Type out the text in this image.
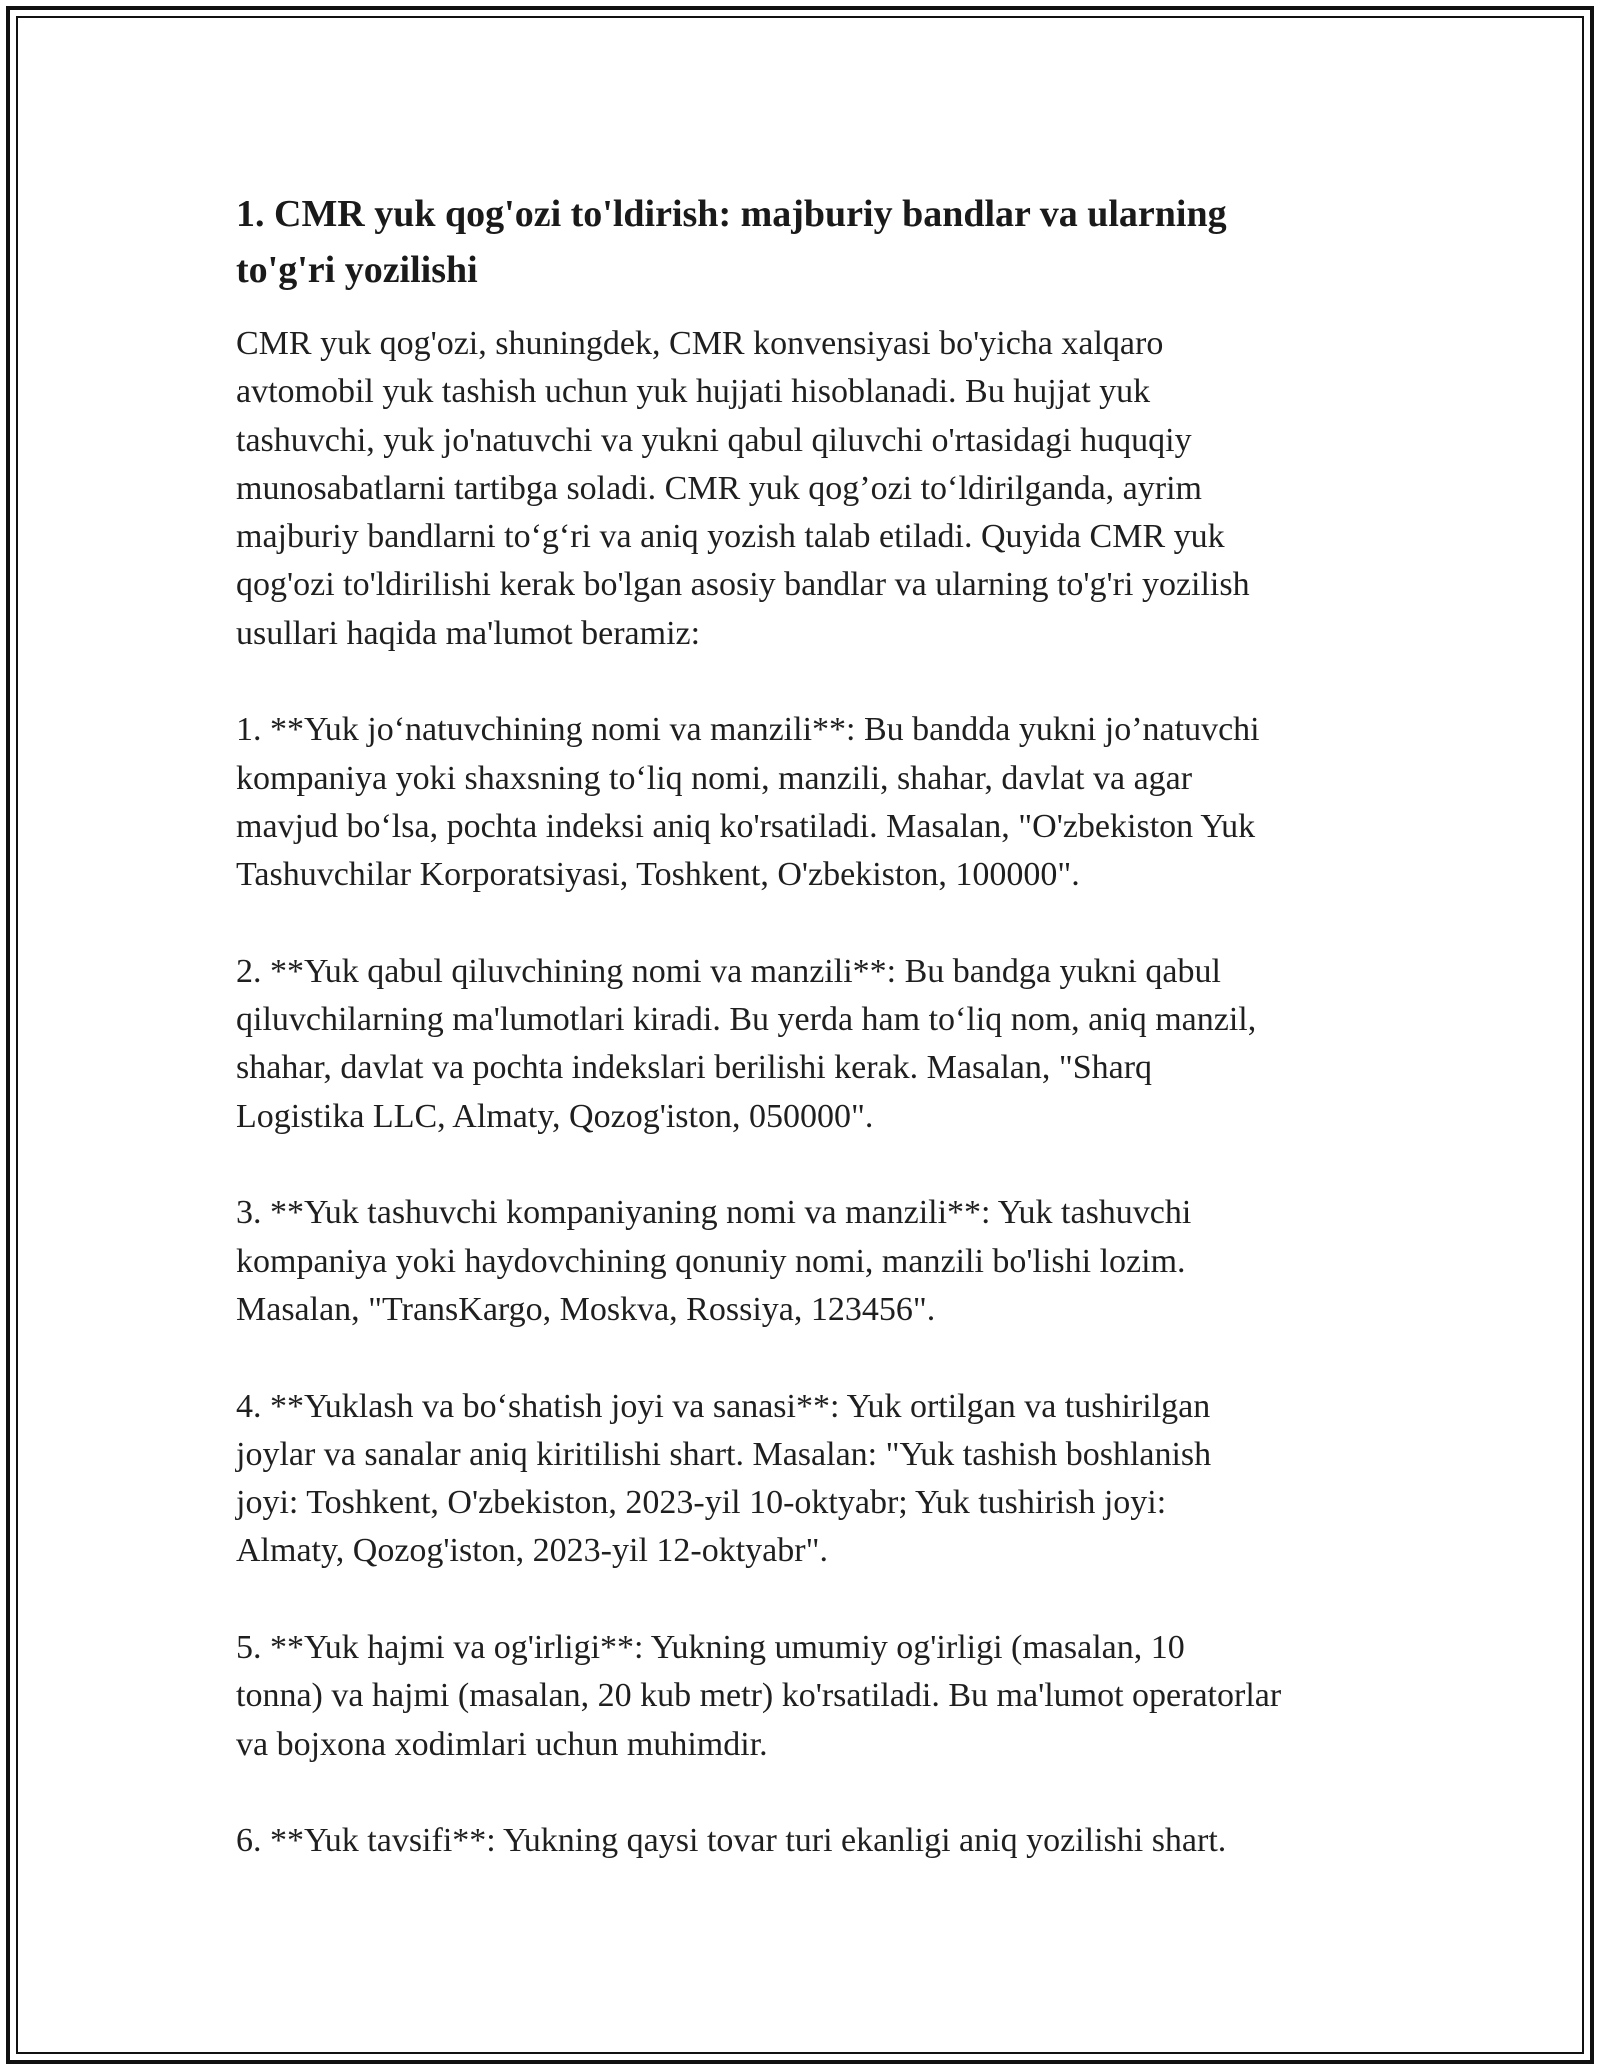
1. CMR yuk qog'ozi to'ldirish: majburiy bandlar va ularning
to'g'ri yozilishi

CMR yuk qog'ozi, shuningdek, CMR konvensiyasi bo'yicha xalqaro
avtomobil yuk tashish uchun yuk hujjati hisoblanadi. Bu hujjat yuk
tashuvchi, yuk jo'natuvchi va yukni qabul qiluvchi o'rtasidagi huquqiy
munosabatlarni tartibga soladi. CMR yuk qog’ozi to‘ldirilganda, ayrim
majburiy bandlarni to‘g‘ri va aniq yozish talab etiladi. Quyida CMR yuk
qog'ozi to'ldirilishi kerak bo'lgan asosiy bandlar va ularning to'g'ri yozilish
usullari haqida ma'lumot beramiz:

1. **Yuk jo‘natuvchining nomi va manzili**: Bu bandda yukni jo’natuvchi
kompaniya yoki shaxsning to‘liq nomi, manzili, shahar, davlat va agar
mavjud bo‘lsa, pochta indeksi aniq ko'rsatiladi. Masalan, "O'zbekiston Yuk
Tashuvchilar Korporatsiyasi, Toshkent, O'zbekiston, 100000".

2. **Yuk qabul qiluvchining nomi va manzili**: Bu bandga yukni qabul
qiluvchilarning ma'lumotlari kiradi. Bu yerda ham to‘liq nom, aniq manzil,
shahar, davlat va pochta indekslari berilishi kerak. Masalan, "Sharq
Logistika LLC, Almaty, Qozog'iston, 050000".

3. **Yuk tashuvchi kompaniyaning nomi va manzili**: Yuk tashuvchi
kompaniya yoki haydovchining qonuniy nomi, manzili bo'lishi lozim.
Masalan, "TransKargo, Moskva, Rossiya, 123456".

4. **Yuklash va bo‘shatish joyi va sanasi**: Yuk ortilgan va tushirilgan
joylar va sanalar aniq kiritilishi shart. Masalan: "Yuk tashish boshlanish
joyi: Toshkent, O'zbekiston, 2023-yil 10-oktyabr; Yuk tushirish joyi:
Almaty, Qozog'iston, 2023-yil 12-oktyabr".

5. **Yuk hajmi va og'irligi**: Yukning umumiy og'irligi (masalan, 10
tonna) va hajmi (masalan, 20 kub metr) ko'rsatiladi. Bu ma'lumot operatorlar
va bojxona xodimlari uchun muhimdir.

6. **Yuk tavsifi**: Yukning qaysi tovar turi ekanligi aniq yozilishi shart.
